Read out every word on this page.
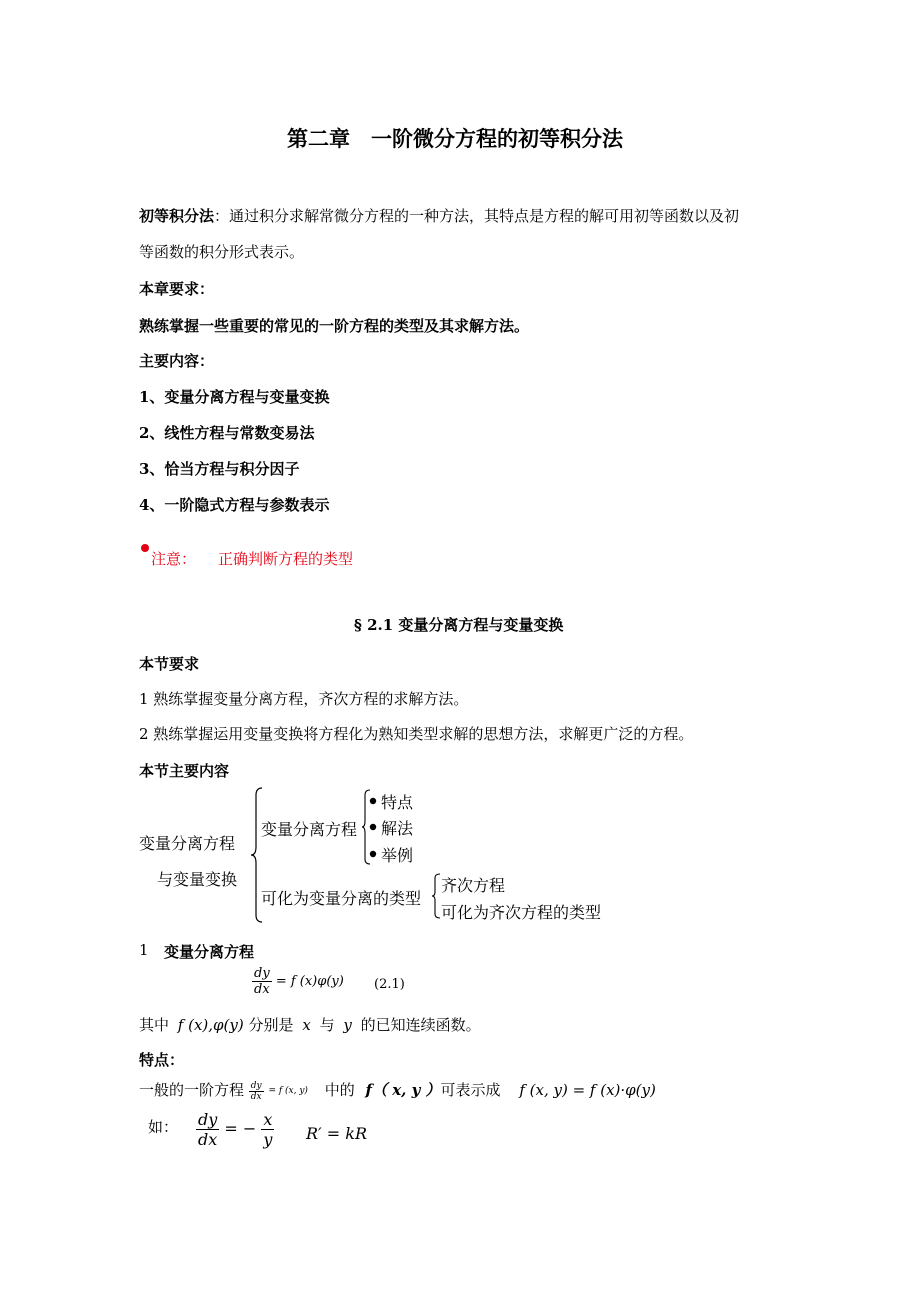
第二章　一阶微分方程的初等积分法
初等积分法：通过积分求解常微分方程的一种方法，其特点是方程的解可用初等函数以及初
等函数的积分形式表示。
本章要求：
熟练掌握一些重要的常见的一阶方程的类型及其求解方法。
主要内容：
1、变量分离方程与变量变换
2、线性方程与常数变易法
3、恰当方程与积分因子
4、一阶隐式方程与参数表示
注意： 正确判断方程的类型
§ 2.1 变量分离方程与变量变换
本节要求
1 熟练掌握变量分离方程，齐次方程的求解方法。
2 熟练掌握运用变量变换将方程化为熟知类型求解的思想方法，求解更广泛的方程。
本节主要内容
变量分离方程
与变量变换
变量分离方程
特点
解法
举例
可化为变量分离的类型
齐次方程
可化为齐次方程的类型
1 变量分离方程
$\frac{dy}{dx} = f$ (x)φ(y) (2.1)
其中 f (x),φ(y) 分别是 x 与 y 的已知连续函数。
特点：
一般的一阶方程 $\frac{dy}{dx} = f$ (x, y) 中的 f（ x, y ）可表示成 f (x, y) = f (x)·φ(y)
如： $\frac{dy}{dx}$ = − $\frac{x}{y} R'$ = kR
